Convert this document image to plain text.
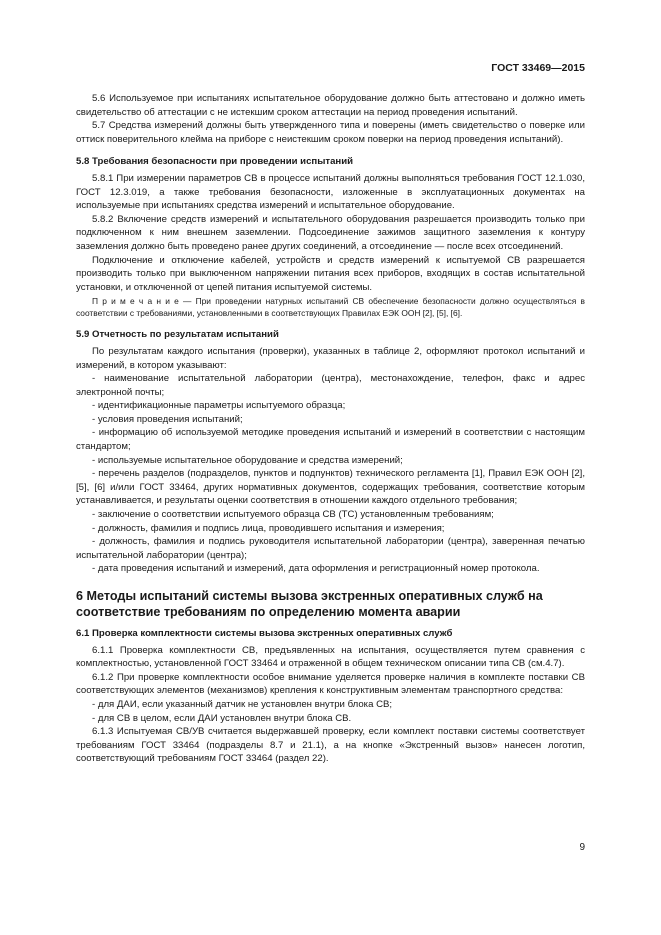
ГОСТ 33469—2015

5.6 Используемое при испытаниях испытательное оборудование должно быть аттестовано и должно иметь свидетельство об аттестации с не истекшим сроком аттестации на период проведения испытаний.

5.7 Средства измерений должны быть утвержденного типа и поверены (иметь свидетельство о поверке или оттиск поверительного клейма на приборе с неистекшим сроком поверки на период проведения испытаний).

5.8 Требования безопасности при проведении испытаний

5.8.1 При измерении параметров СВ в процессе испытаний должны выполняться требования ГОСТ 12.1.030, ГОСТ 12.3.019, а также требования безопасности, изложенные в эксплуатационных документах на используемые при испытаниях средства измерений и испытательное оборудование.

5.8.2 Включение средств измерений и испытательного оборудования разрешается производить только при подключенном к ним внешнем заземлении. Подсоединение зажимов защитного заземления к контуру заземления должно быть проведено ранее других соединений, а отсоединение — после всех отсоединений.

Подключение и отключение кабелей, устройств и средств измерений к испытуемой СВ разрешается производить только при выключенном напряжении питания всех приборов, входящих в состав испытательной установки, и отключенной от цепей питания испытуемой системы.

П р и м е ч а н и е — При проведении натурных испытаний СВ обеспечение безопасности должно осуществляться в соответствии с требованиями, установленными в соответствующих Правилах ЕЭК ООН [2], [5], [6].

5.9 Отчетность по результатам испытаний

По результатам каждого испытания (проверки), указанных в таблице 2, оформляют протокол испытаний и измерений, в котором указывают:

- наименование испытательной лаборатории (центра), местонахождение, телефон, факс и адрес электронной почты;

- идентификационные параметры испытуемого образца;

- условия проведения испытаний;

- информацию об используемой методике проведения испытаний и измерений в соответствии с настоящим стандартом;

- используемые испытательное оборудование и средства измерений;

- перечень разделов (подразделов, пунктов и подпунктов) технического регламента [1], Правил ЕЭК ООН [2], [5], [6] и/или ГОСТ 33464, других нормативных документов, содержащих требования, соответствие которым устанавливается, и результаты оценки соответствия в отношении каждого отдельного требования;

- заключение о соответствии испытуемого образца СВ (ТС) установленным требованиям;

- должность, фамилия и подпись лица, проводившего испытания и измерения;

- должность, фамилия и подпись руководителя испытательной лаборатории (центра), заверенная печатью испытательной лаборатории (центра);

- дата проведения испытаний и измерений, дата оформления и регистрационный номер протокола.

6 Методы испытаний системы вызова экстренных оперативных служб на соответствие требованиям по определению момента аварии
6.1 Проверка комплектности системы вызова экстренных оперативных служб

6.1.1 Проверка комплектности СВ, предъявленных на испытания, осуществляется путем сравнения с комплектностью, установленной ГОСТ 33464 и отраженной в общем техническом описании типа СВ (см.4.7).

6.1.2 При проверке комплектности особое внимание уделяется проверке наличия в комплекте поставки СВ соответствующих элементов (механизмов) крепления к конструктивным элементам транспортного средства:

- для ДАИ, если указанный датчик не установлен внутри блока СВ;

- для СВ в целом, если ДАИ установлен внутри блока СВ.

6.1.3 Испытуемая СВ/УВ считается выдержавшей проверку, если комплект поставки системы соответствует требованиям ГОСТ 33464 (подразделы 8.7 и 21.1), а на кнопке «Экстренный вызов» нанесен логотип, соответствующий требованиям ГОСТ 33464 (раздел 22).

9
